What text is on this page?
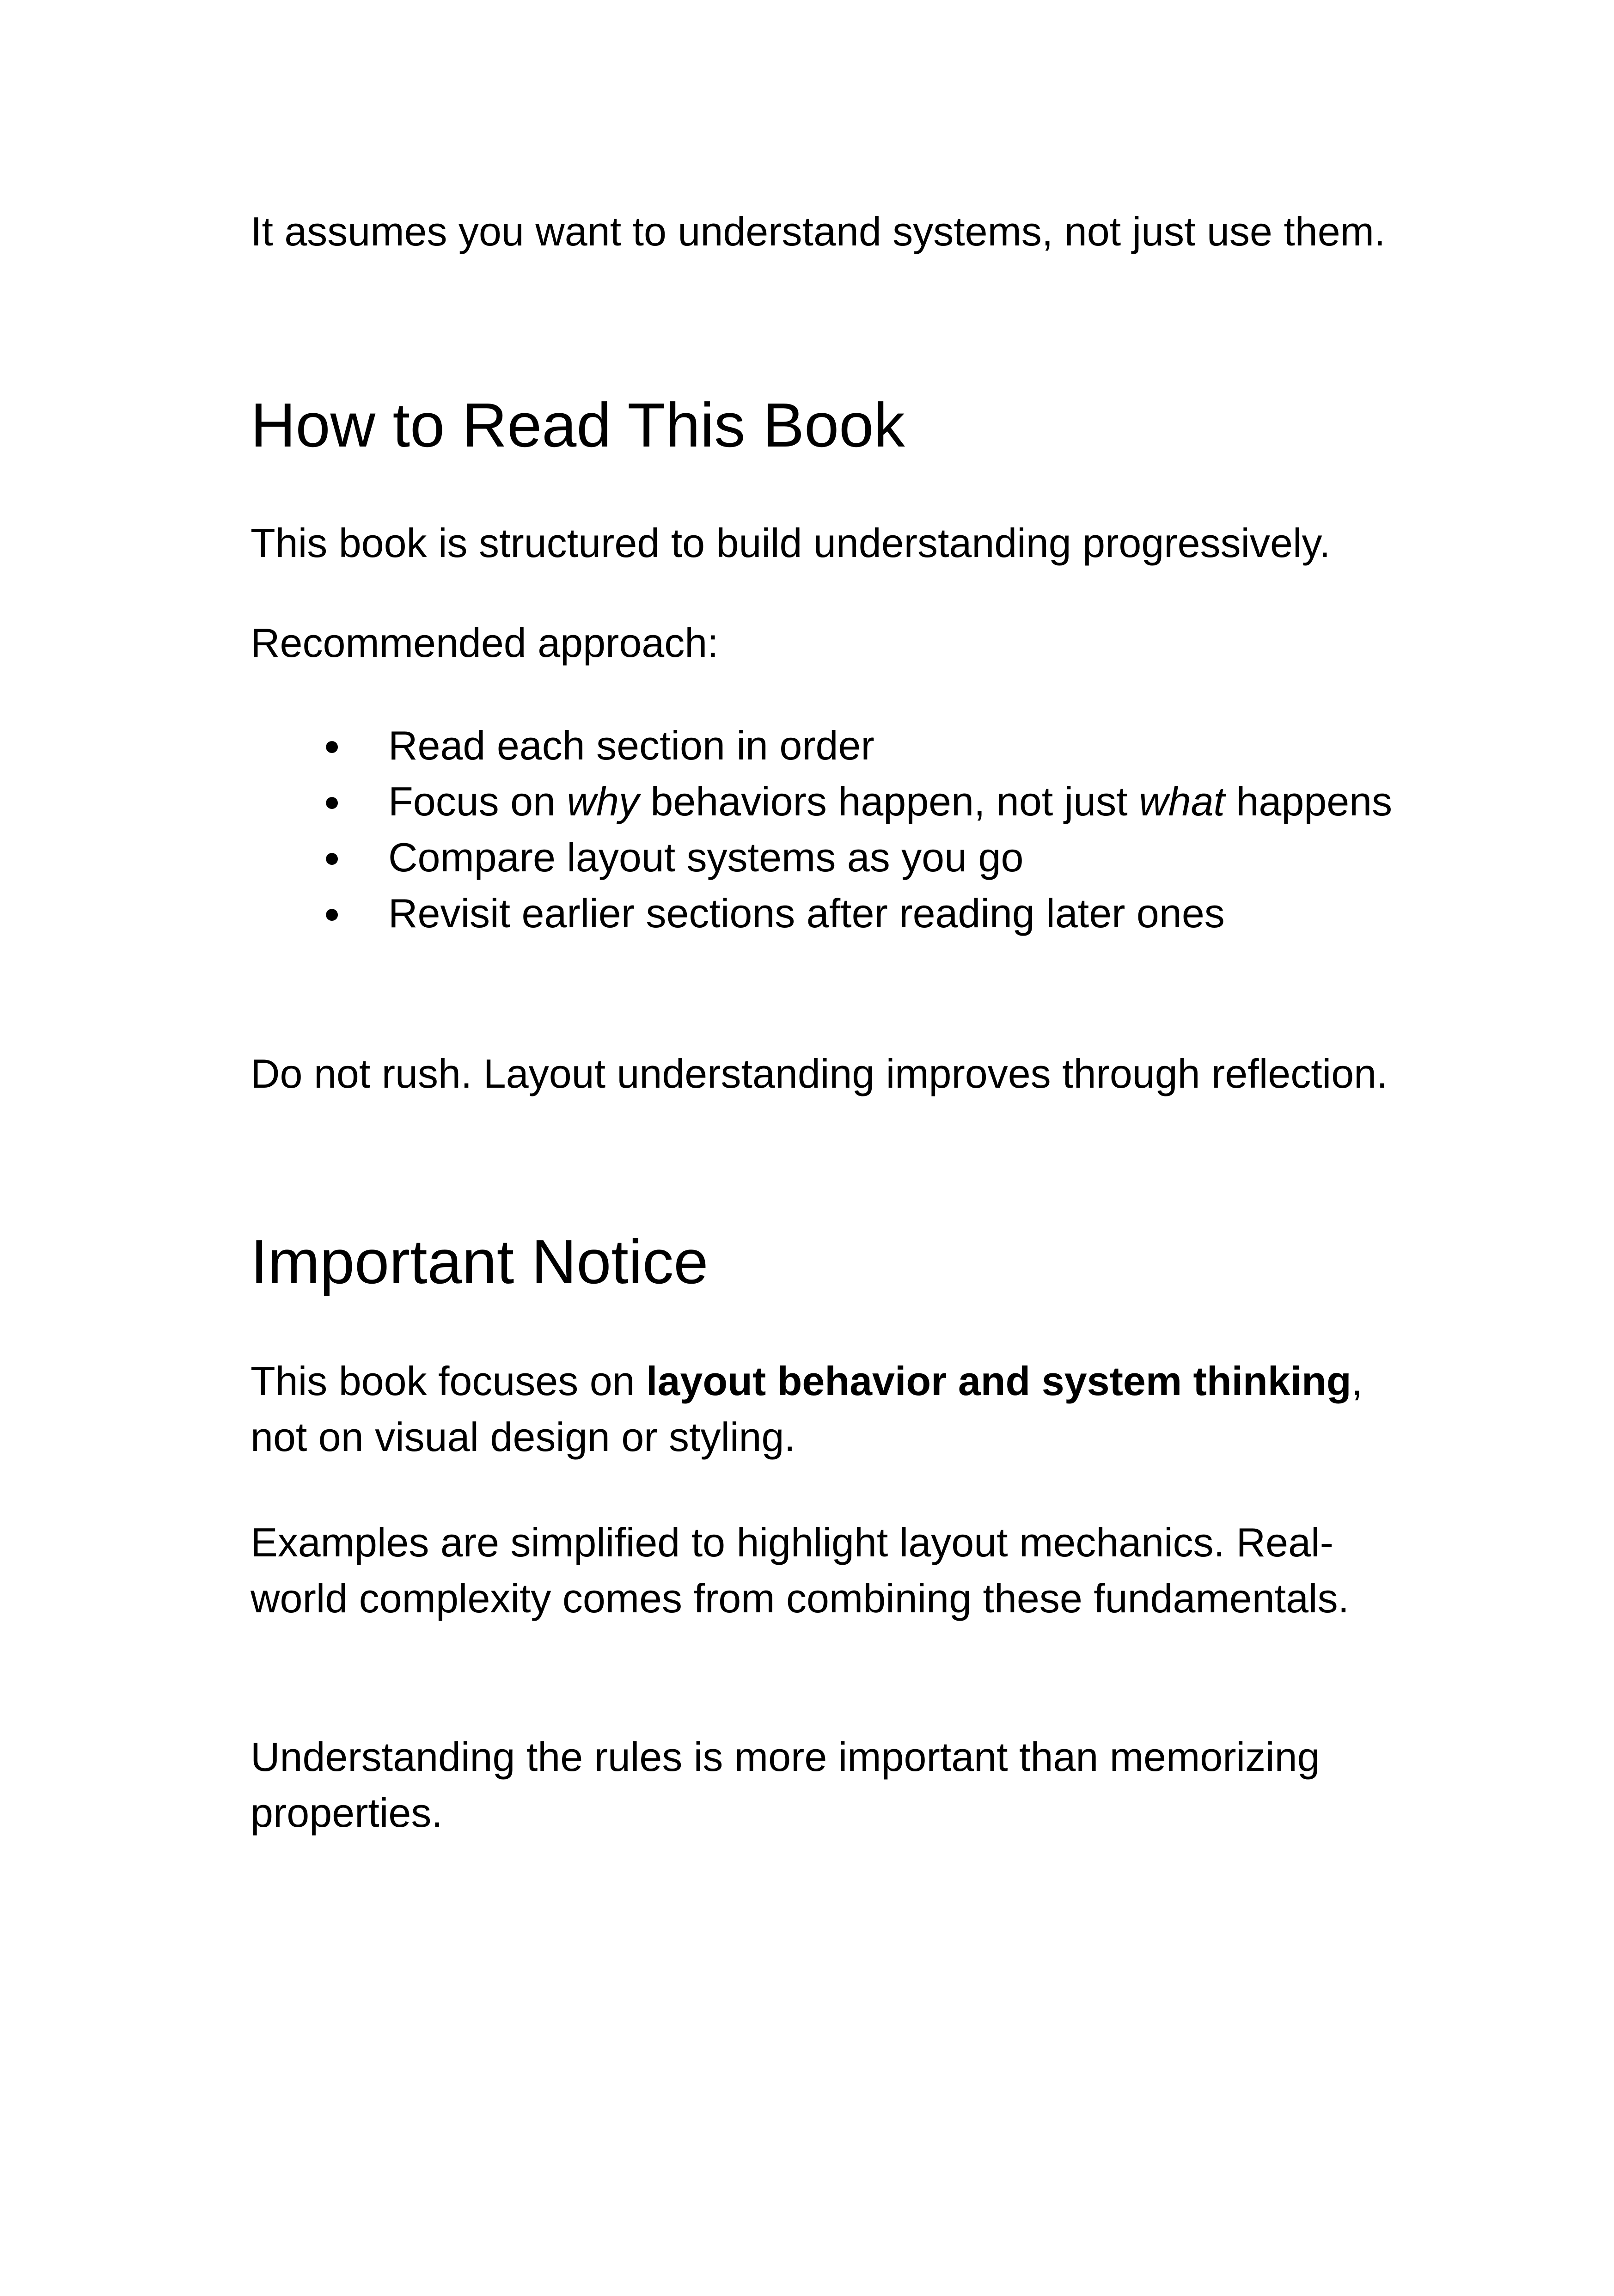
It assumes you want to understand systems, not just use them.

How to Read This Book

This book is structured to build understanding progressively.

Recommended approach:

● Read each section in order
● Focus on why behaviors happen, not just what happens
● Compare layout systems as you go
● Revisit earlier sections after reading later ones

Do not rush. Layout understanding improves through reflection.

Important Notice

This book focuses on layout behavior and system thinking, not on visual design or styling.

Examples are simplified to highlight layout mechanics. Real-world complexity comes from combining these fundamentals.

Understanding the rules is more important than memorizing properties.
